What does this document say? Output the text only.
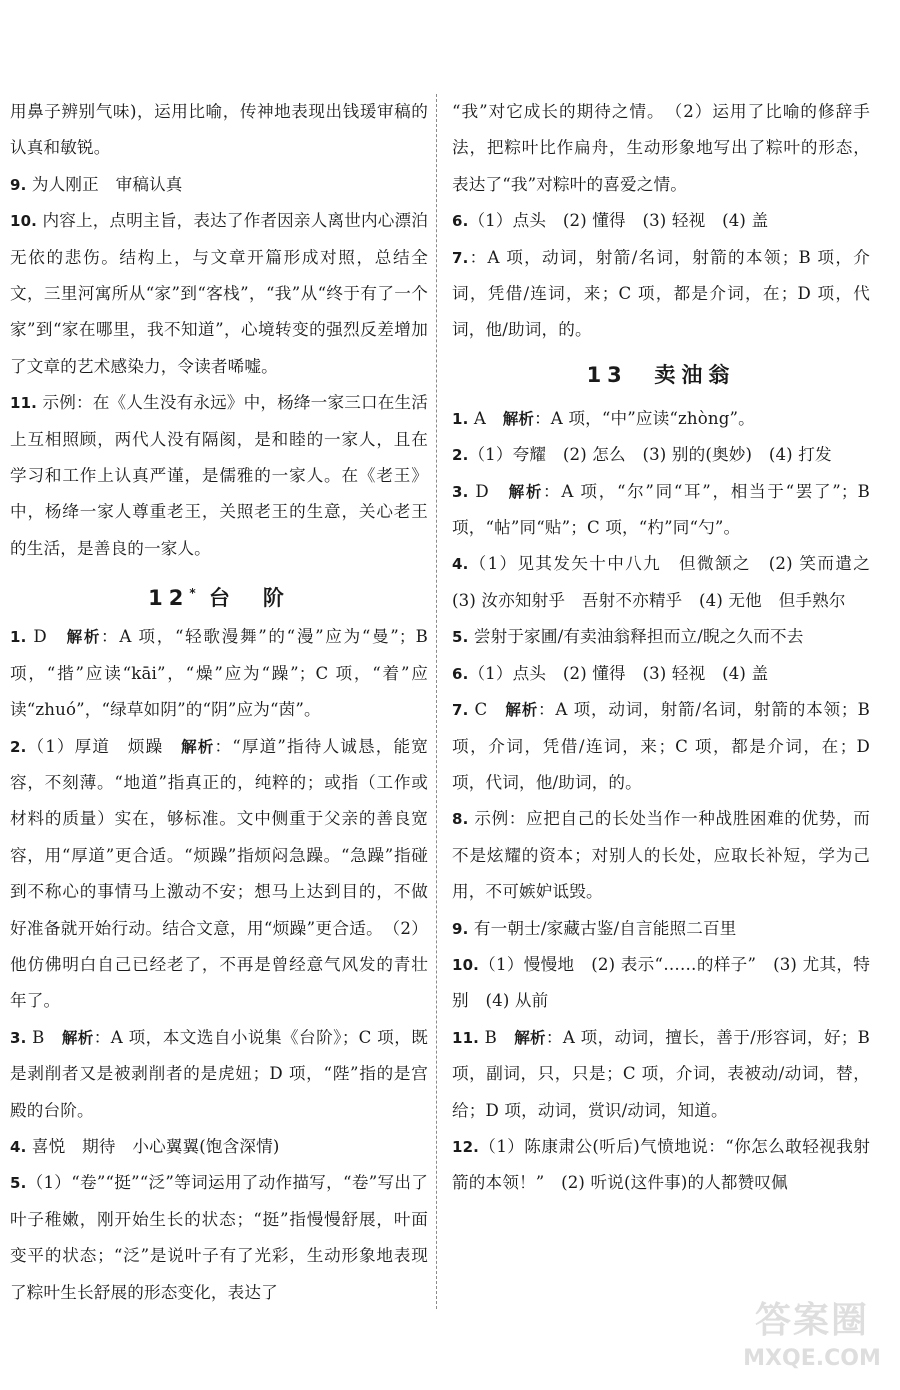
用鼻子辨别气味)，运用比喻，传神地表现出钱瑗审稿的认真和敏锐。

9. 为人刚正　审稿认真

10. 内容上，点明主旨，表达了作者因亲人离世内心漂泊无依的悲伤。结构上，与文章开篇形成对照，总结全文，三里河寓所从“家”到“客栈”，“我”从“终于有了一个家”到“家在哪里，我不知道”，心境转变的强烈反差增加了文章的艺术感染力，令读者唏嘘。

11. 示例：在《人生没有永远》中，杨绛一家三口在生活上互相照顾，两代人没有隔阂，是和睦的一家人，且在学习和工作上认真严谨，是儒雅的一家人。在《老王》中，杨绛一家人尊重老王，关照老王的生意，关心老王的生活，是善良的一家人。

12* 台　阶

1. D　解析：A 项，“轻歌漫舞”的“漫”应为“曼”；B 项，“揩”应读“kāi”，“燥”应为“躁”；C 项，“着”应读“zhuó”，“绿草如阴”的“阴”应为“茵”。

2.（1）厚道　烦躁　解析：“厚道”指待人诚恳，能宽容，不刻薄。“地道”指真正的，纯粹的；或指（工作或材料的质量）实在，够标准。文中侧重于父亲的善良宽容，用“厚道”更合适。“烦躁”指烦闷急躁。“急躁”指碰到不称心的事情马上激动不安；想马上达到目的，不做好准备就开始行动。结合文意，用“烦躁”更合适。　（2）他仿佛明白自己已经老了，不再是曾经意气风发的青壮年了。

3. B　解析：A 项，本文选自小说集《台阶》；C 项，既是剥削者又是被剥削者的是虎妞；D 项，“陛”指的是宫殿的台阶。

4. 喜悦　期待　小心翼翼(饱含深情)

5.（1）“卷”“挺”“泛”等词运用了动作描写，“卷”写出了叶子稚嫩，刚开始生长的状态；“挺”指慢慢舒展，叶面变平的状态；“泛”是说叶子有了光彩，生动形象地表现了粽叶生长舒展的形态变化，表达了

“我”对它成长的期待之情。　（2）运用了比喻的修辞手法，把粽叶比作扁舟，生动形象地写出了粽叶的形态，表达了“我”对粽叶的喜爱之情。

6.（1）点头　(2) 懂得　(3) 轻视　(4) 盖

7.：A 项，动词，射箭/名词，射箭的本领；B 项，介词，凭借/连词，来；C 项，都是介词，在；D 项，代词，他/助词，的。

13 卖油翁

1. A　解析：A 项，“中”应读“zhòng”。

2.（1）夸耀　(2) 怎么　(3) 别的(奥妙)　(4) 打发

3. D　解析：A 项，“尔”同“耳”，相当于“罢了”；B 项，“帖”同“贴”；C 项，“杓”同“勺”。

4.（1）见其发矢十中八九　但微颔之　(2) 笑而遣之　(3) 汝亦知射乎　吾射不亦精乎　(4) 无他　但手熟尔

5. 尝射于家圃/有卖油翁释担而立/睨之久而不去

6.（1）点头　(2) 懂得　(3) 轻视　(4) 盖

7. C　解析：A 项，动词，射箭/名词，射箭的本领；B 项，介词，凭借/连词，来；C 项，都是介词，在；D 项，代词，他/助词，的。

8. 示例：应把自己的长处当作一种战胜困难的优势，而不是炫耀的资本；对别人的长处，应取长补短，学为己用，不可嫉妒诋毁。

9. 有一朝士/家藏古鉴/自言能照二百里

10.（1）慢慢地　(2) 表示“……的样子”　(3) 尤其，特别　(4) 从前

11. B　解析：A 项，动词，擅长，善于/形容词，好；B 项，副词，只，只是；C 项，介词，表被动/动词，替，给；D 项，动词，赏识/动词，知道。

12.（1）陈康肃公(听后)气愤地说：“你怎么敢轻视我射箭的本领！”　(2) 听说(这件事)的人都赞叹佩

答案圈
MXQE.COM
